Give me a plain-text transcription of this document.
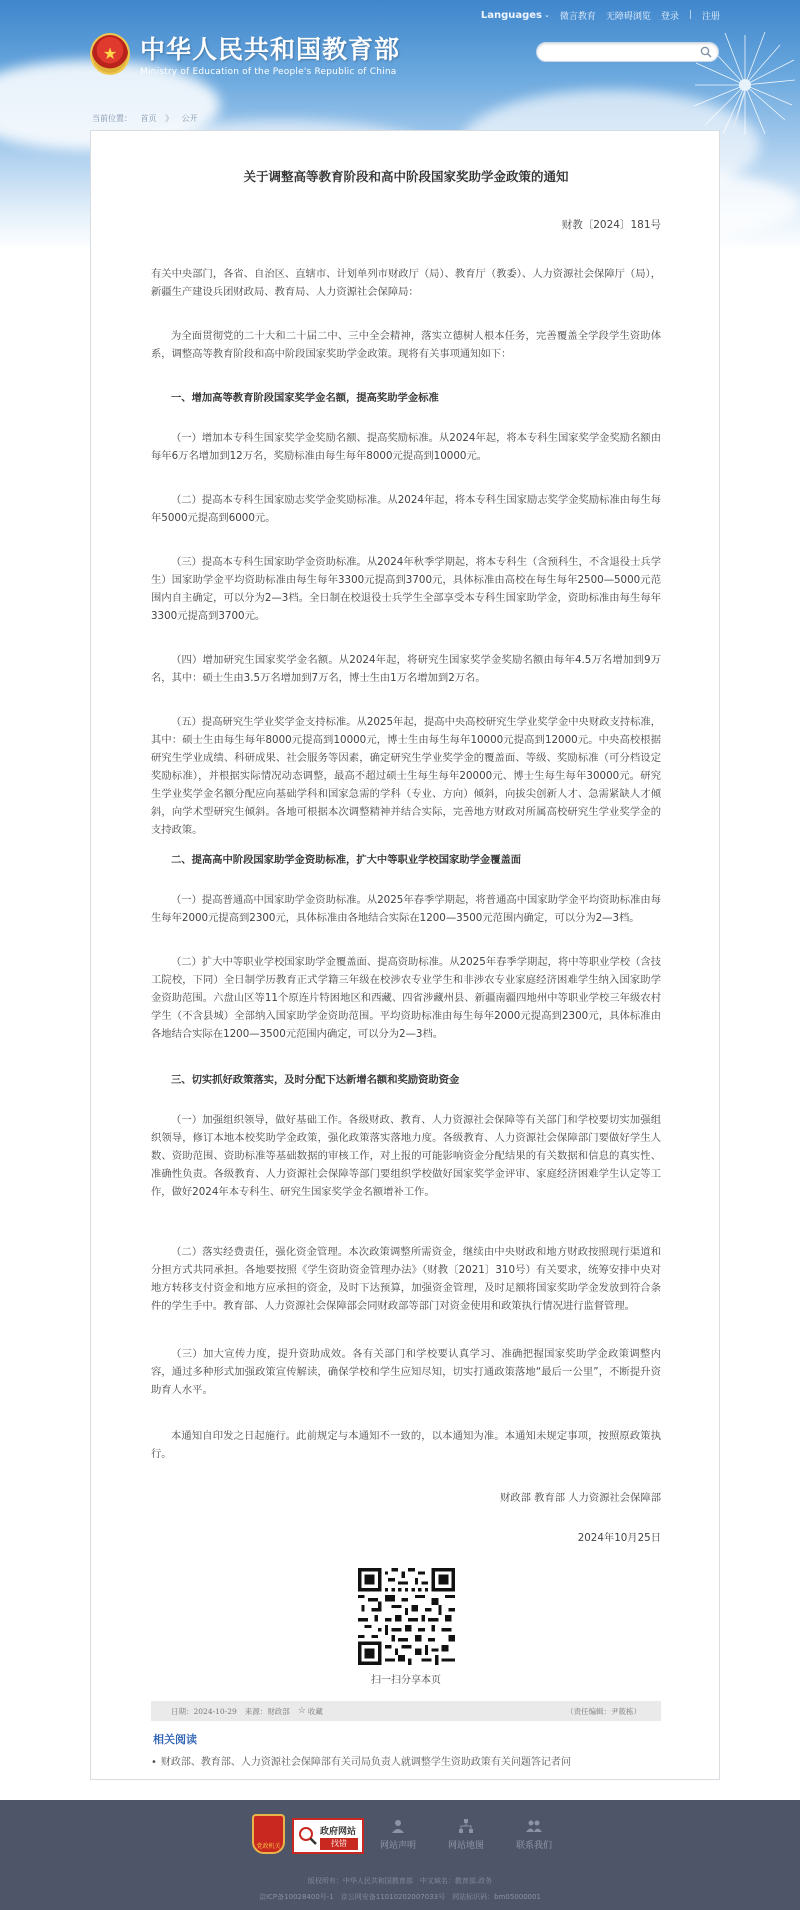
Languages ⌄ 微言教育 无障碍浏览 登录 | 注册
★ 中华人民共和国教育部
Ministry of Education of the People's Republic of China
当前位置： 首页 》 公开
关于调整高等教育阶段和高中阶段国家奖助学金政策的通知
财教〔2024〕181号
有关中央部门，各省、自治区、直辖市、计划单列市财政厅（局）、教育厅（教委）、人力资源社会保障厅（局），新疆生产建设兵团财政局、教育局、人力资源社会保障局：
为全面贯彻党的二十大和二十届二中、三中全会精神，落实立德树人根本任务，完善覆盖全学段学生资助体系，调整高等教育阶段和高中阶段国家奖助学金政策。现将有关事项通知如下：
一、增加高等教育阶段国家奖学金名额，提高奖助学金标准
（一）增加本专科生国家奖学金奖励名额、提高奖励标准。从2024年起，将本专科生国家奖学金奖励名额由每年6万名增加到12万名，奖励标准由每生每年8000元提高到10000元。
（二）提高本专科生国家励志奖学金奖励标准。从2024年起，将本专科生国家励志奖学金奖励标准由每生每年5000元提高到6000元。
（三）提高本专科生国家助学金资助标准。从2024年秋季学期起，将本专科生（含预科生，不含退役士兵学生）国家助学金平均资助标准由每生每年3300元提高到3700元，具体标准由高校在每生每年2500—5000元范围内自主确定，可以分为2—3档。全日制在校退役士兵学生全部享受本专科生国家助学金，资助标准由每生每年3300元提高到3700元。
（四）增加研究生国家奖学金名额。从2024年起，将研究生国家奖学金奖励名额由每年4.5万名增加到9万名，其中：硕士生由3.5万名增加到7万名，博士生由1万名增加到2万名。
（五）提高研究生学业奖学金支持标准。从2025年起，提高中央高校研究生学业奖学金中央财政支持标准，其中：硕士生由每生每年8000元提高到10000元，博士生由每生每年10000元提高到12000元。中央高校根据研究生学业成绩、科研成果、社会服务等因素，确定研究生学业奖学金的覆盖面、等级、奖励标准（可分档设定奖励标准），并根据实际情况动态调整，最高不超过硕士生每生每年20000元、博士生每生每年30000元。研究生学业奖学金名额分配应向基础学科和国家急需的学科（专业、方向）倾斜，向拔尖创新人才、急需紧缺人才倾斜，向学术型研究生倾斜。各地可根据本次调整精神并结合实际，完善地方财政对所属高校研究生学业奖学金的支持政策。
二、提高高中阶段国家助学金资助标准，扩大中等职业学校国家助学金覆盖面
（一）提高普通高中国家助学金资助标准。从2025年春季学期起，将普通高中国家助学金平均资助标准由每生每年2000元提高到2300元，具体标准由各地结合实际在1200—3500元范围内确定，可以分为2—3档。
（二）扩大中等职业学校国家助学金覆盖面、提高资助标准。从2025年春季学期起，将中等职业学校（含技工院校，下同）全日制学历教育正式学籍三年级在校涉农专业学生和非涉农专业家庭经济困难学生纳入国家助学金资助范围。六盘山区等11个原连片特困地区和西藏、四省涉藏州县、新疆南疆四地州中等职业学校三年级农村学生（不含县城）全部纳入国家助学金资助范围。平均资助标准由每生每年2000元提高到2300元，具体标准由各地结合实际在1200—3500元范围内确定，可以分为2—3档。
三、切实抓好政策落实，及时分配下达新增名额和奖励资助资金
（一）加强组织领导，做好基础工作。各级财政、教育、人力资源社会保障等有关部门和学校要切实加强组织领导，修订本地本校奖助学金政策，强化政策落实落地力度。各级教育、人力资源社会保障部门要做好学生人数、资助范围、资助标准等基础数据的审核工作，对上报的可能影响资金分配结果的有关数据和信息的真实性、准确性负责。各级教育、人力资源社会保障等部门要组织学校做好国家奖学金评审、家庭经济困难学生认定等工作，做好2024年本专科生、研究生国家奖学金名额增补工作。
（二）落实经费责任，强化资金管理。本次政策调整所需资金，继续由中央财政和地方财政按照现行渠道和分担方式共同承担。各地要按照《学生资助资金管理办法》（财教〔2021〕310号）有关要求，统筹安排中央对地方转移支付资金和地方应承担的资金，及时下达预算，加强资金管理，及时足额将国家奖助学金发放到符合条件的学生手中。教育部、人力资源社会保障部会同财政部等部门对资金使用和政策执行情况进行监督管理。
（三）加大宣传力度，提升资助成效。各有关部门和学校要认真学习、准确把握国家奖助学金政策调整内容，通过多种形式加强政策宣传解读，确保学校和学生应知尽知，切实打通政策落地“最后一公里”，不断提升资助育人水平。
本通知自印发之日起施行。此前规定与本通知不一致的，以本通知为准。本通知未规定事项，按照原政策执行。
财政部 教育部 人力资源社会保障部
2024年10月25日
扫一扫分享本页
日期：2024-10-29 来源：财政部 ☆ 收藏	（责任编辑：尹筱栋）
相关阅读
• 财政部、教育部、人力资源社会保障部有关司局负责人就调整学生资助政策有关问题答记者问
党政机关
政府网站
找错	网站声明	网站地图	联系我们
版权所有：中华人民共和国教育部　中文域名：教育部.政务
京ICP备10028400号-1　京公网安备11010202007033号　网站标识码：bm05000001
